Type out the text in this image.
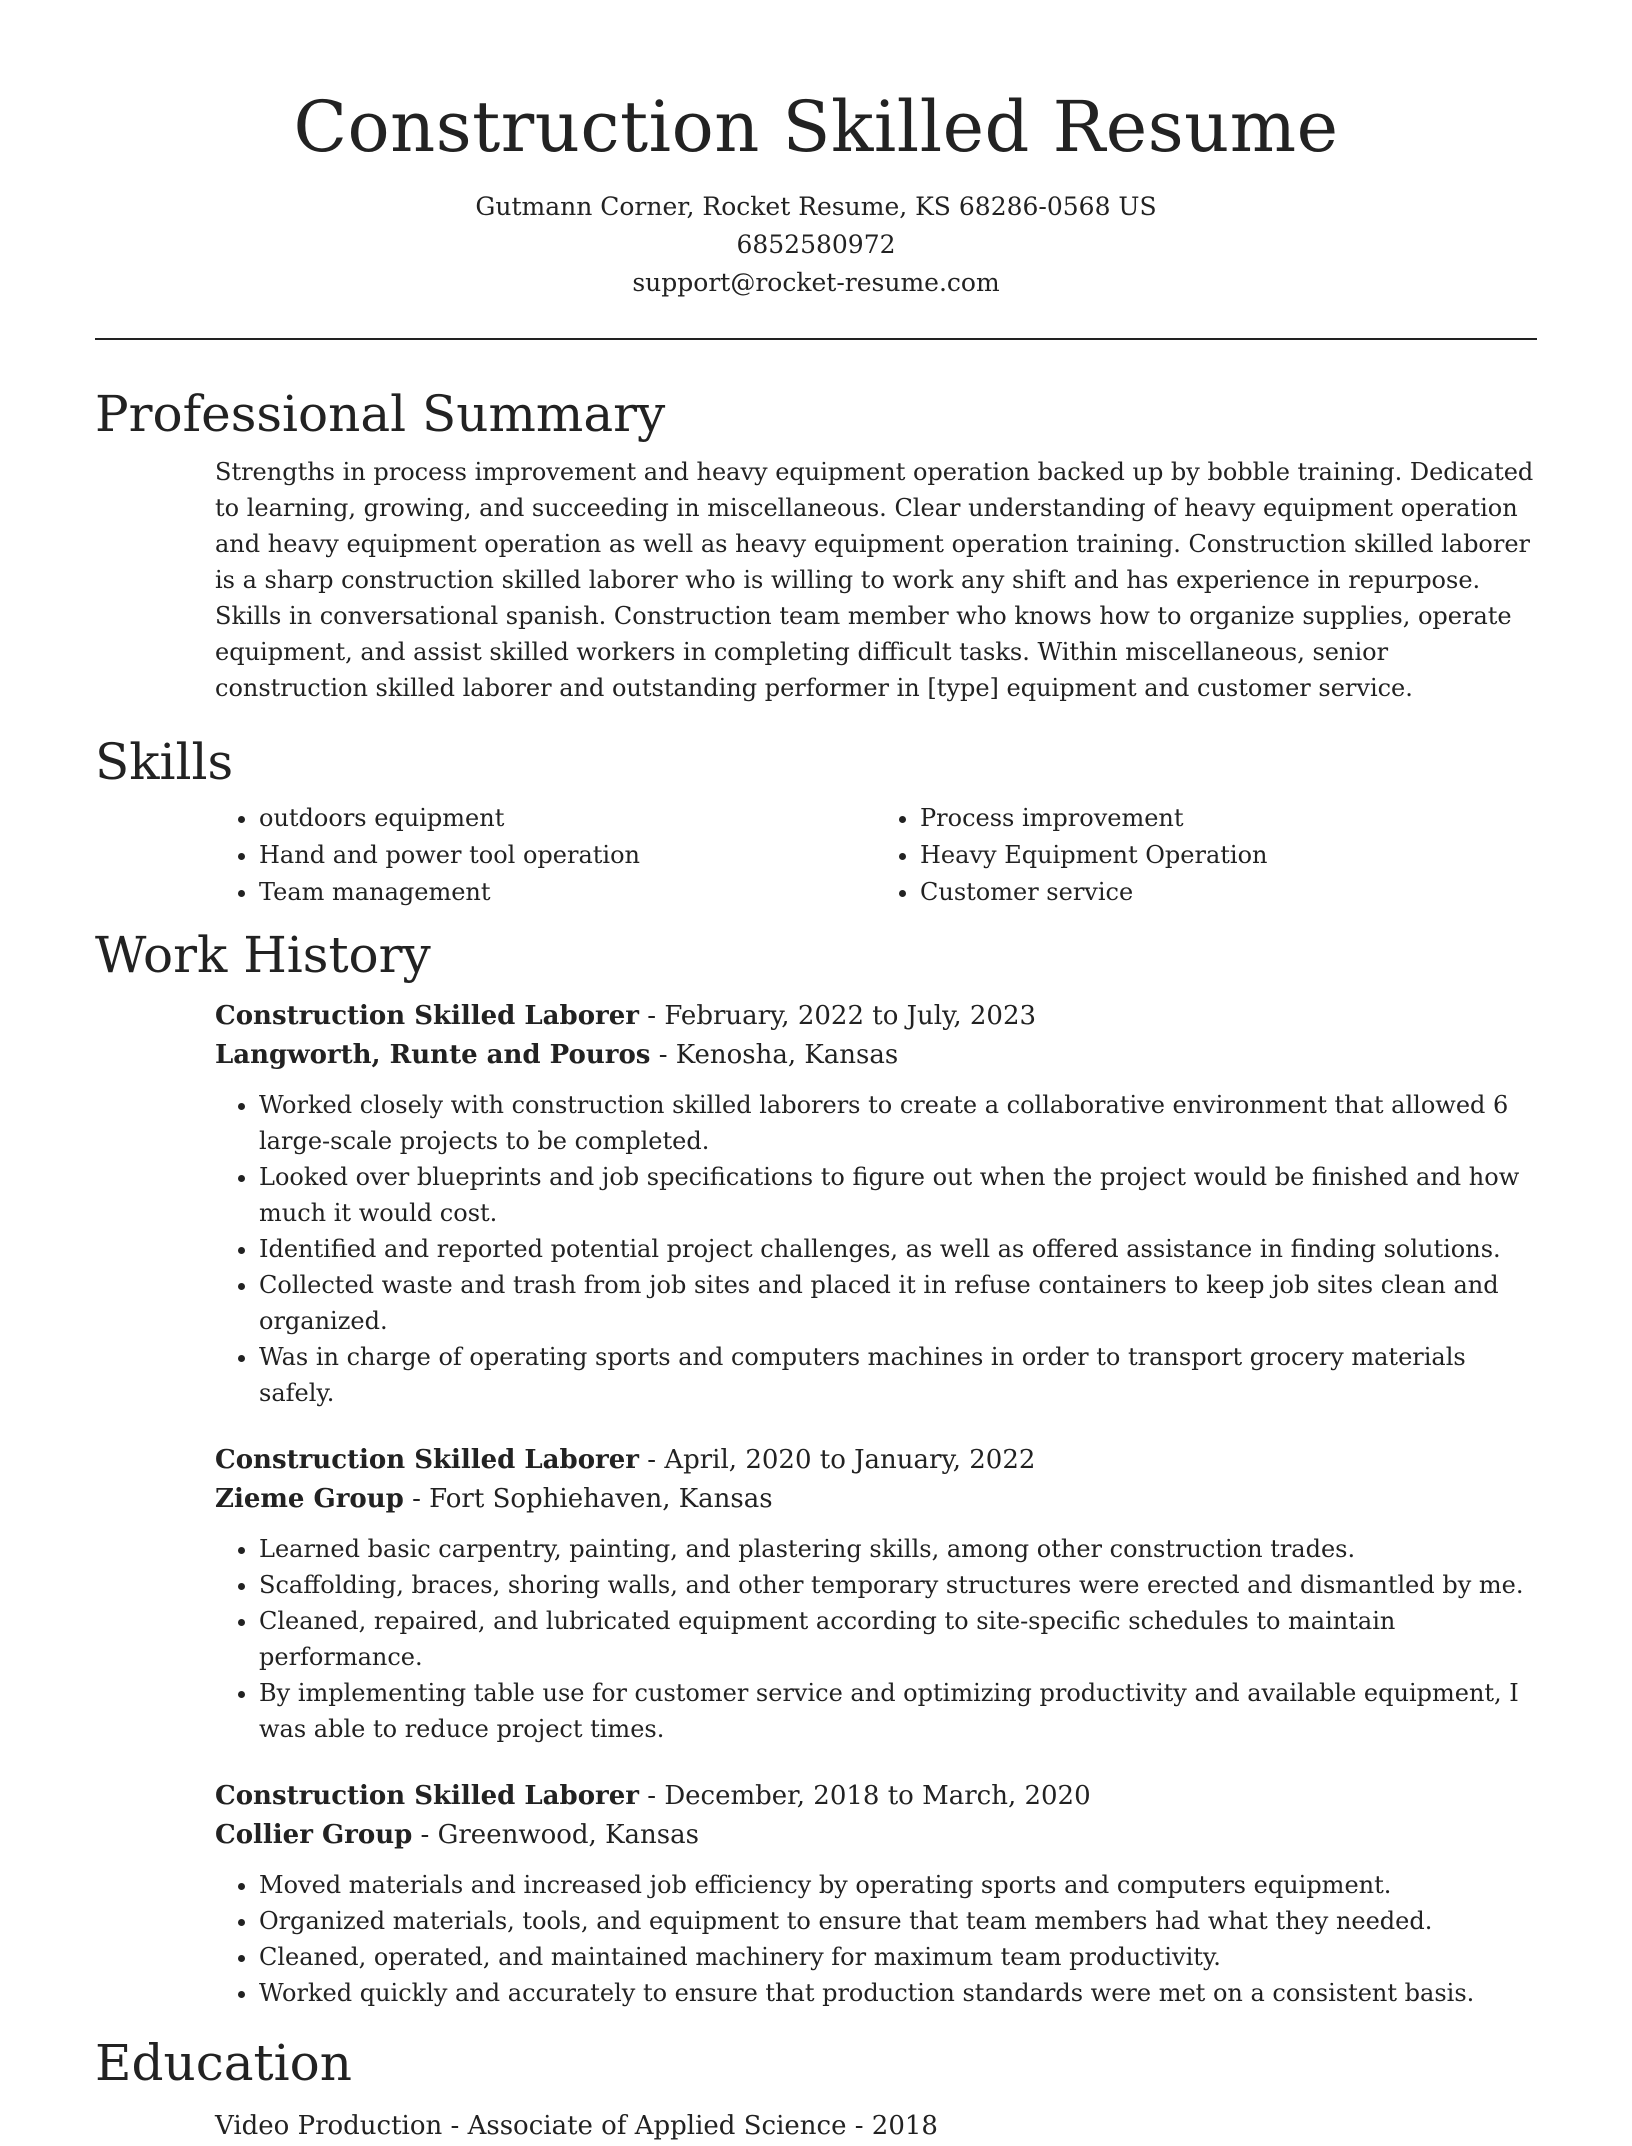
Construction Skilled Resume
Gutmann Corner, Rocket Resume, KS 68286-0568 US
6852580972
support@rocket-resume.com
Professional Summary

Strengths in process improvement and heavy equipment operation backed up by bobble training. Dedicated to learning, growing, and succeeding in miscellaneous. Clear understanding of heavy equipment operation and heavy equipment operation as well as heavy equipment operation training. Construction skilled laborer is a sharp construction skilled laborer who is willing to work any shift and has experience in repurpose. Skills in conversational spanish. Construction team member who knows how to organize supplies, operate equipment, and assist skilled workers in completing difficult tasks. Within miscellaneous, senior construction skilled laborer and outstanding performer in [type] equipment and customer service.

Skills
• outdoors equipment
• Hand and power tool operation
• Team management
• Process improvement
• Heavy Equipment Operation
• Customer service
Work History
Construction Skilled Laborer - February, 2022 to July, 2023
Langworth, Runte and Pouros - Kenosha, Kansas
• Worked closely with construction skilled laborers to create a collaborative environment that allowed 6 large-scale projects to be completed.
• Looked over blueprints and job specifications to figure out when the project would be finished and how much it would cost.
• Identified and reported potential project challenges, as well as offered assistance in finding solutions.
• Collected waste and trash from job sites and placed it in refuse containers to keep job sites clean and organized.
• Was in charge of operating sports and computers machines in order to transport grocery materials safely.
Construction Skilled Laborer - April, 2020 to January, 2022
Zieme Group - Fort Sophiehaven, Kansas
• Learned basic carpentry, painting, and plastering skills, among other construction trades.
• Scaffolding, braces, shoring walls, and other temporary structures were erected and dismantled by me.
• Cleaned, repaired, and lubricated equipment according to site-specific schedules to maintain performance.
• By implementing table use for customer service and optimizing productivity and available equipment, I was able to reduce project times.
Construction Skilled Laborer - December, 2018 to March, 2020
Collier Group - Greenwood, Kansas
• Moved materials and increased job efficiency by operating sports and computers equipment.
• Organized materials, tools, and equipment to ensure that team members had what they needed.
• Cleaned, operated, and maintained machinery for maximum team productivity.
• Worked quickly and accurately to ensure that production standards were met on a consistent basis.
Education
Video Production - Associate of Applied Science - 2018
